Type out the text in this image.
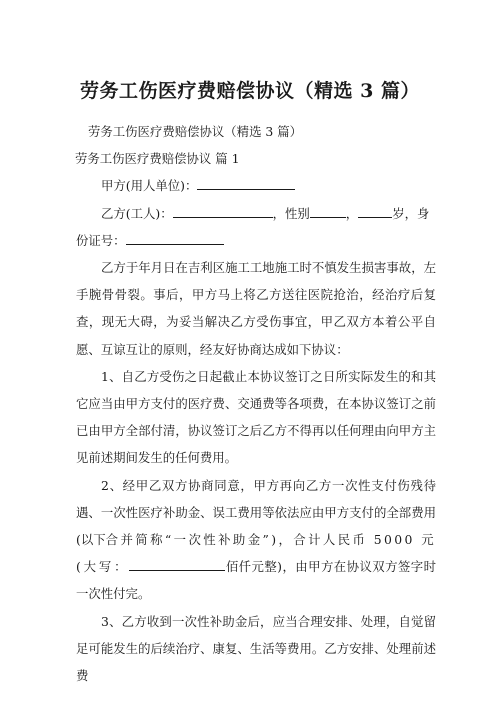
劳务工伤医疗费赔偿协议（精选 3 篇）

劳务工伤医疗费赔偿协议（精选 3 篇）

劳务工伤医疗费赔偿协议 篇 1

甲方(用人单位)：

乙方(工人)：	，性别	，	岁，身

份证号：

乙方于年月日在吉利区施工工地施工时不慎发生损害事故，左手腕骨骨裂。事后，甲方马上将乙方送往医院抢治，经治疗后复查，现无大碍，为妥当解决乙方受伤事宜，甲乙双方本着公平自愿、互谅互让的原则，经友好协商达成如下协议：

1、自乙方受伤之日起截止本协议签订之日所实际发生的和其它应当由甲方支付的医疗费、交通费等各项费，在本协议签订之前已由甲方全部付清，协议签订之后乙方不得再以任何理由向甲方主见前述期间发生的任何费用。

2、经甲乙双方协商同意，甲方再向乙方一次性支付伤残待遇、一次性医疗补助金、误工费用等依法应由甲方支付的全部费用(以下合并简称“一次性补助金”)，合计人民币 5000 元(大写：	佰仟元整)，由甲方在协议双方签字时一次性付完。

3、乙方收到一次性补助金后，应当合理安排、处理，自觉留足可能发生的后续治疗、康复、生活等费用。乙方安排、处理前述费
